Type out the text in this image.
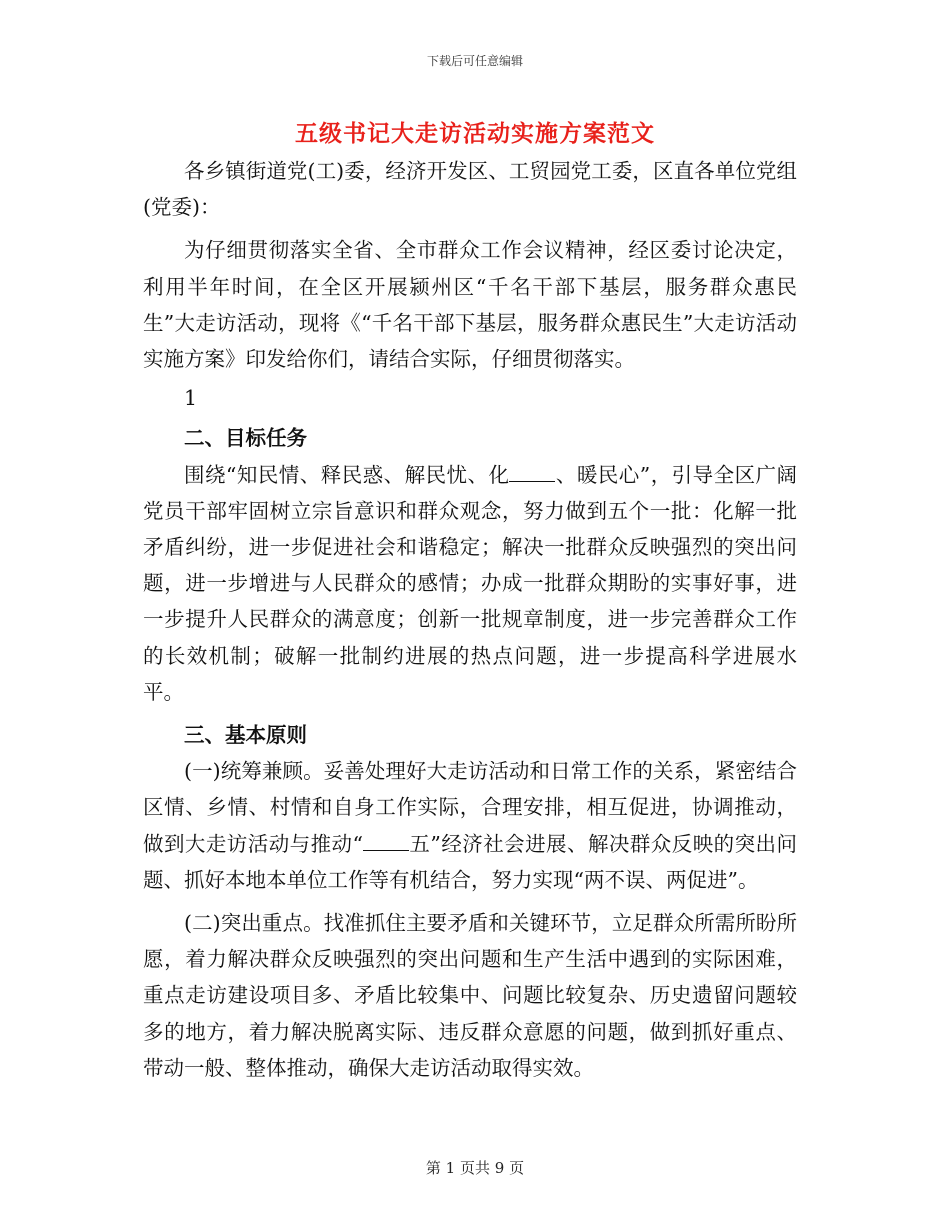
下载后可任意编辑
五级书记大走访活动实施方案范文

各乡镇街道党(工)委，经济开发区、工贸园党工委，区直各单位党组(党委)：

为仔细贯彻落实全省、全市群众工作会议精神，经区委讨论决定，利用半年时间，在全区开展颍州区“千名干部下基层，服务群众惠民生”大走访活动，现将《“千名干部下基层，服务群众惠民生”大走访活动实施方案》印发给你们，请结合实际，仔细贯彻落实。

1

二、目标任务

围绕“知民情、释民惑、解民忧、化 、暖民心”，引导全区广阔党员干部牢固树立宗旨意识和群众观念，努力做到五个一批：化解一批矛盾纠纷，进一步促进社会和谐稳定；解决一批群众反映强烈的突出问题，进一步增进与人民群众的感情；办成一批群众期盼的实事好事，进一步提升人民群众的满意度；创新一批规章制度，进一步完善群众工作的长效机制；破解一批制约进展的热点问题，进一步提高科学进展水平。

三、基本原则

(一)统筹兼顾。妥善处理好大走访活动和日常工作的关系，紧密结合区情、乡情、村情和自身工作实际，合理安排，相互促进，协调推动，做到大走访活动与推动“ 五”经济社会进展、解决群众反映的突出问题、抓好本地本单位工作等有机结合，努力实现“两不误、两促进”。

(二)突出重点。找准抓住主要矛盾和关键环节，立足群众所需所盼所愿，着力解决群众反映强烈的突出问题和生产生活中遇到的实际困难，重点走访建设项目多、矛盾比较集中、问题比较复杂、历史遗留问题较多的地方，着力解决脱离实际、违反群众意愿的问题，做到抓好重点、带动一般、整体推动，确保大走访活动取得实效。

第 1 页共 9 页
